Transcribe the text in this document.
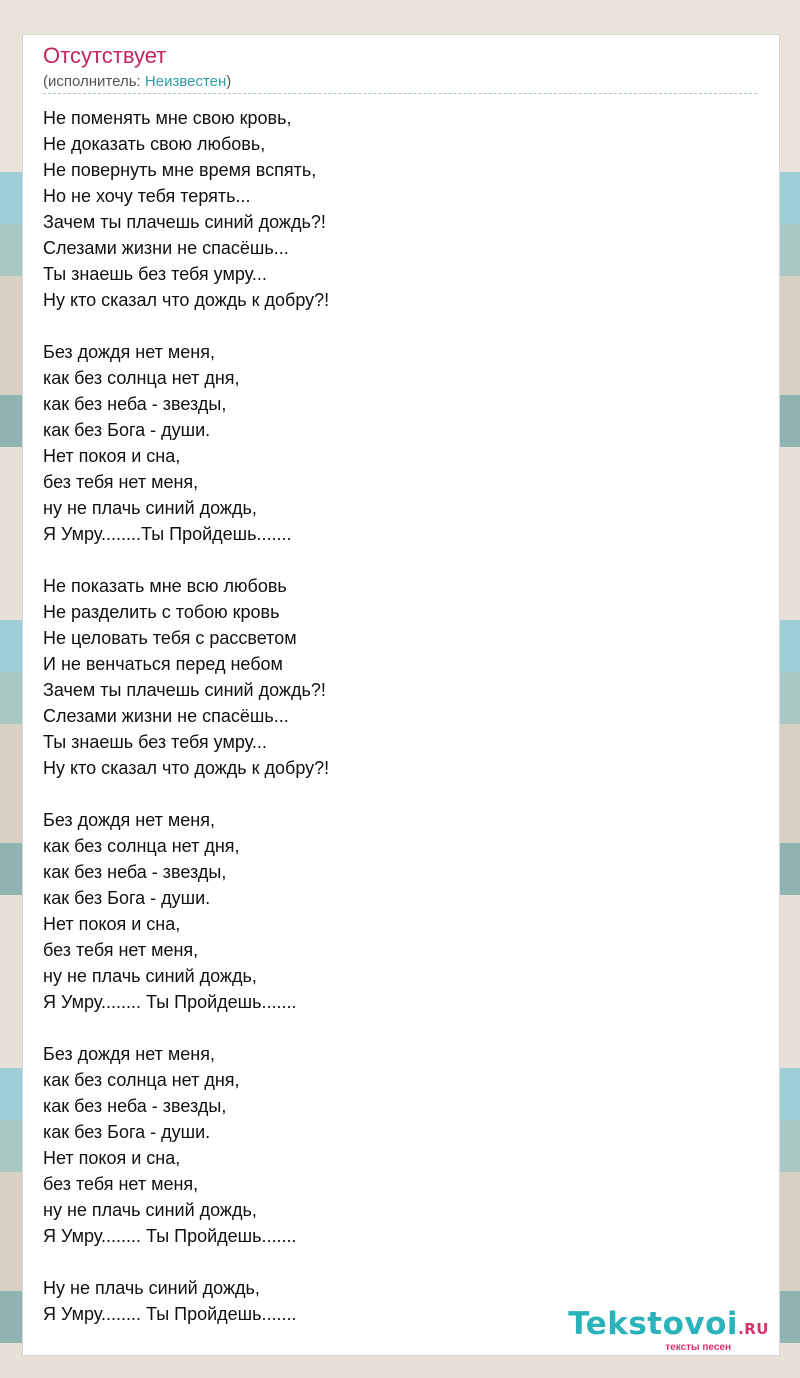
Отсутствует
(исполнитель: Неизвестен)
Не поменять мне свою кровь,
Не доказать свою любовь,
Не повернуть мне время вспять,
Но не хочу тебя терять...
Зачем ты плачешь синий дождь?!
Слезами жизни не спасёшь...
Ты знаешь без тебя умру...
Ну кто сказал что дождь к добру?!
Без дождя нет меня,
как без солнца нет дня,
как без неба - звезды,
как без Бога - души.
Нет покоя и сна,
без тебя нет меня,
ну не плачь синий дождь,
Я Умру........Ты Пройдешь.......
Не показать мне всю любовь
Не разделить с тобою кровь
Не целовать тебя с рассветом
И не венчаться перед небом
Зачем ты плачешь синий дождь?!
Слезами жизни не спасёшь...
Ты знаешь без тебя умру...
Ну кто сказал что дождь к добру?!
Без дождя нет меня,
как без солнца нет дня,
как без неба - звезды,
как без Бога - души.
Нет покоя и сна,
без тебя нет меня,
ну не плачь синий дождь,
Я Умру........ Ты Пройдешь.......
Без дождя нет меня,
как без солнца нет дня,
как без неба - звезды,
как без Бога - души.
Нет покоя и сна,
без тебя нет меня,
ну не плачь синий дождь,
Я Умру........ Ты Пройдешь.......
Ну не плачь синий дождь,
Я Умру........ Ты Пройдешь.......	Tekstovoi.RU
тексты песен
